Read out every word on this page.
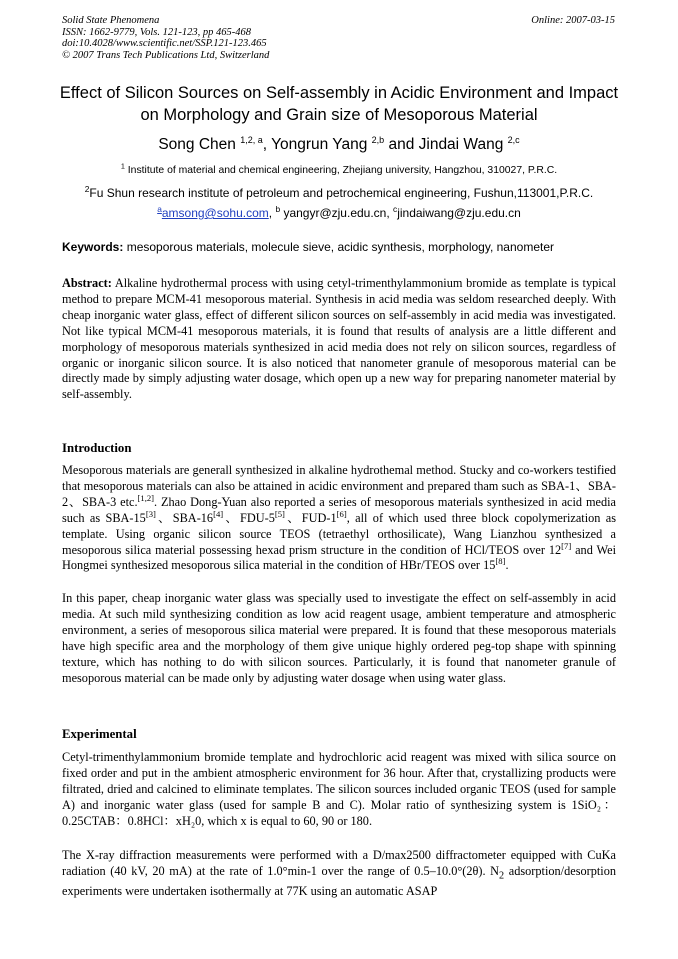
Solid State Phenomena
ISSN: 1662-9779, Vols. 121-123, pp 465-468
doi:10.4028/www.scientific.net/SSP.121-123.465
© 2007 Trans Tech Publications Ltd, Switzerland
Online: 2007-03-15
Effect of Silicon Sources on Self-assembly in Acidic Environment and Impact
on Morphology and Grain size of Mesoporous Material
Song Chen $^{1,2, a}$, Yongrun Yang $^{2,b}$ and Jindai Wang $^{2,c}$
$^1$ Institute of material and chemical engineering, Zhejiang university, Hangzhou, 310027, P.R.C.
$^2$Fu Shun research institute of petroleum and petrochemical engineering, Fushun,113001,P.R.C.
$^a$amsong@sohu.com, $^b$ yangyr@zju.edu.cn, $^c$jindaiwang@zju.edu.cn
Keywords: mesoporous materials, molecule sieve, acidic synthesis, morphology, nanometer

Abstract: Alkaline hydrothermal process with using cetyl-trimenthylammonium bromide as template is typical method to prepare MCM-41 mesoporous material. Synthesis in acid media was seldom researched deeply. With cheap inorganic water glass, effect of different silicon sources on self-assembly in acid media was investigated. Not like typical MCM-41 mesoporous materials, it is found that results of analysis are a little different and morphology of mesoporous materials synthesized in acid media does not rely on silicon sources, regardless of organic or inorganic silicon source. It is also noticed that nanometer granule of mesoporous material can be directly made by simply adjusting water dosage, which open up a new way for preparing nanometer material by self-assembly.

Introduction

Mesoporous materials are generall synthesized in alkaline hydrothemal method. Stucky and co-workers testified that mesoporous materials can also be attained in acidic environment and prepared tham such as SBA-1、SBA-2、SBA-3 etc.[1,2]. Zhao Dong-Yuan also reported a series of mesoporous materials synthesized in acid media such as SBA-15[3]、SBA-16[4]、FDU-5[5]、FUD-1[6], all of which used three block copolymerization as template. Using organic silicon source TEOS (tetraethyl orthosilicate), Wang Lianzhou synthesized a mesoporous silica material possessing hexad prism structure in the condition of HCl/TEOS over 12[7] and Wei Hongmei synthesized mesoporous silica material in the condition of HBr/TEOS over 15[8].

In this paper, cheap inorganic water glass was specially used to investigate the effect on self-assembly in acid media. At such mild synthesizing condition as low acid reagent usage, ambient temperature and atmospheric environment, a series of mesoporous silica material were prepared. It is found that these mesoporous materials have high specific area and the morphology of them give unique highly ordered peg-top shape with spinning texture, which has nothing to do with silicon sources. Particularly, it is found that nanometer granule of mesoporous material can be made only by adjusting water dosage when using water glass.

Experimental

Cetyl-trimenthylammonium bromide template and hydrochloric acid reagent was mixed with silica source on fixed order and put in the ambient atmospheric environment for 36 hour. After that, crystallizing products were filtrated, dried and calcined to eliminate templates. The silicon sources included organic TEOS (used for sample A) and inorganic water glass (used for sample B and C). Molar ratio of synthesizing system is 1SiO₂：0.25CTAB：0.8HCl：xH₂0, which x is equal to 60, 90 or 180.

The X-ray diffraction measurements were performed with a D/max2500 diffractometer equipped with CuKa radiation (40 kV, 20 mA) at the rate of 1.0°min-1 over the range of 0.5–10.0°(2θ). $N_2$ adsorption/desorption experiments were undertaken isothermally at 77K using an automatic ASAP
